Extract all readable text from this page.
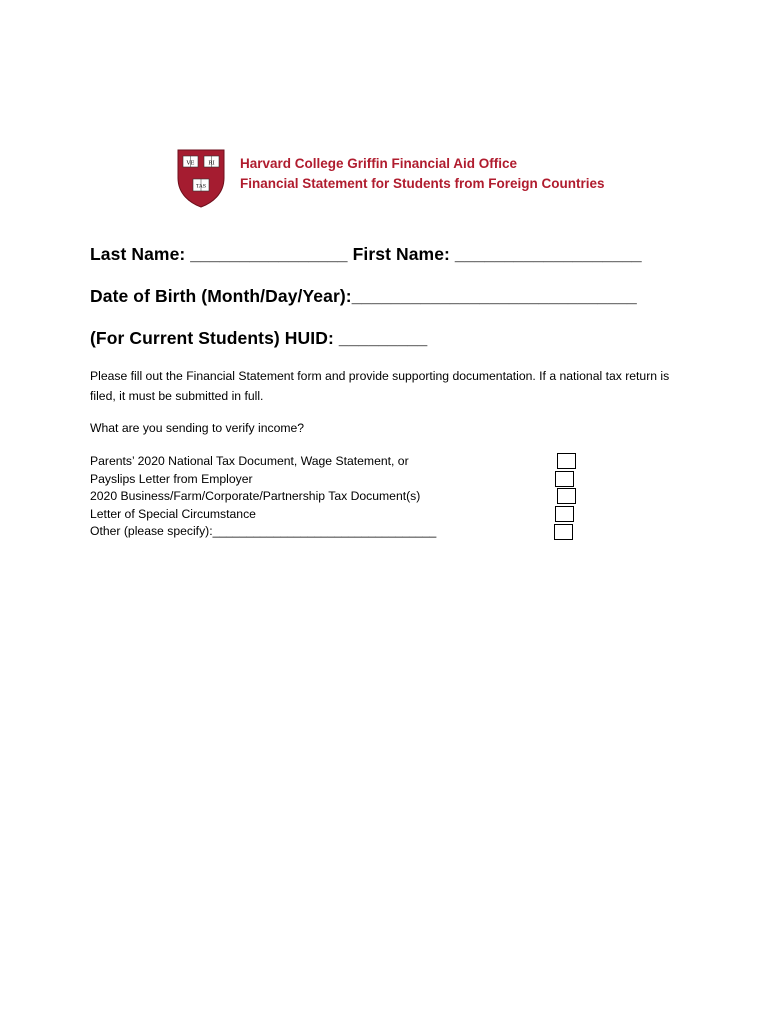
VE	RI
TAS
Harvard College Griffin Financial Aid Office
Financial Statement for Students from Foreign Countries
Last Name: ________________ First Name: ___________________
Date of Birth (Month/Day/Year):_____________________________
(For Current Students) HUID: _________
Please fill out the Financial Statement form and provide supporting documentation. If a national tax return is filed, it must be submitted in full.
What are you sending to verify income?
Parents’ 2020 National Tax Document, Wage Statement, or
Payslips Letter from Employer
2020 Business/Farm/Corporate/Partnership Tax Document(s)
Letter of Special Circumstance
Other (please specify):_________________________________
